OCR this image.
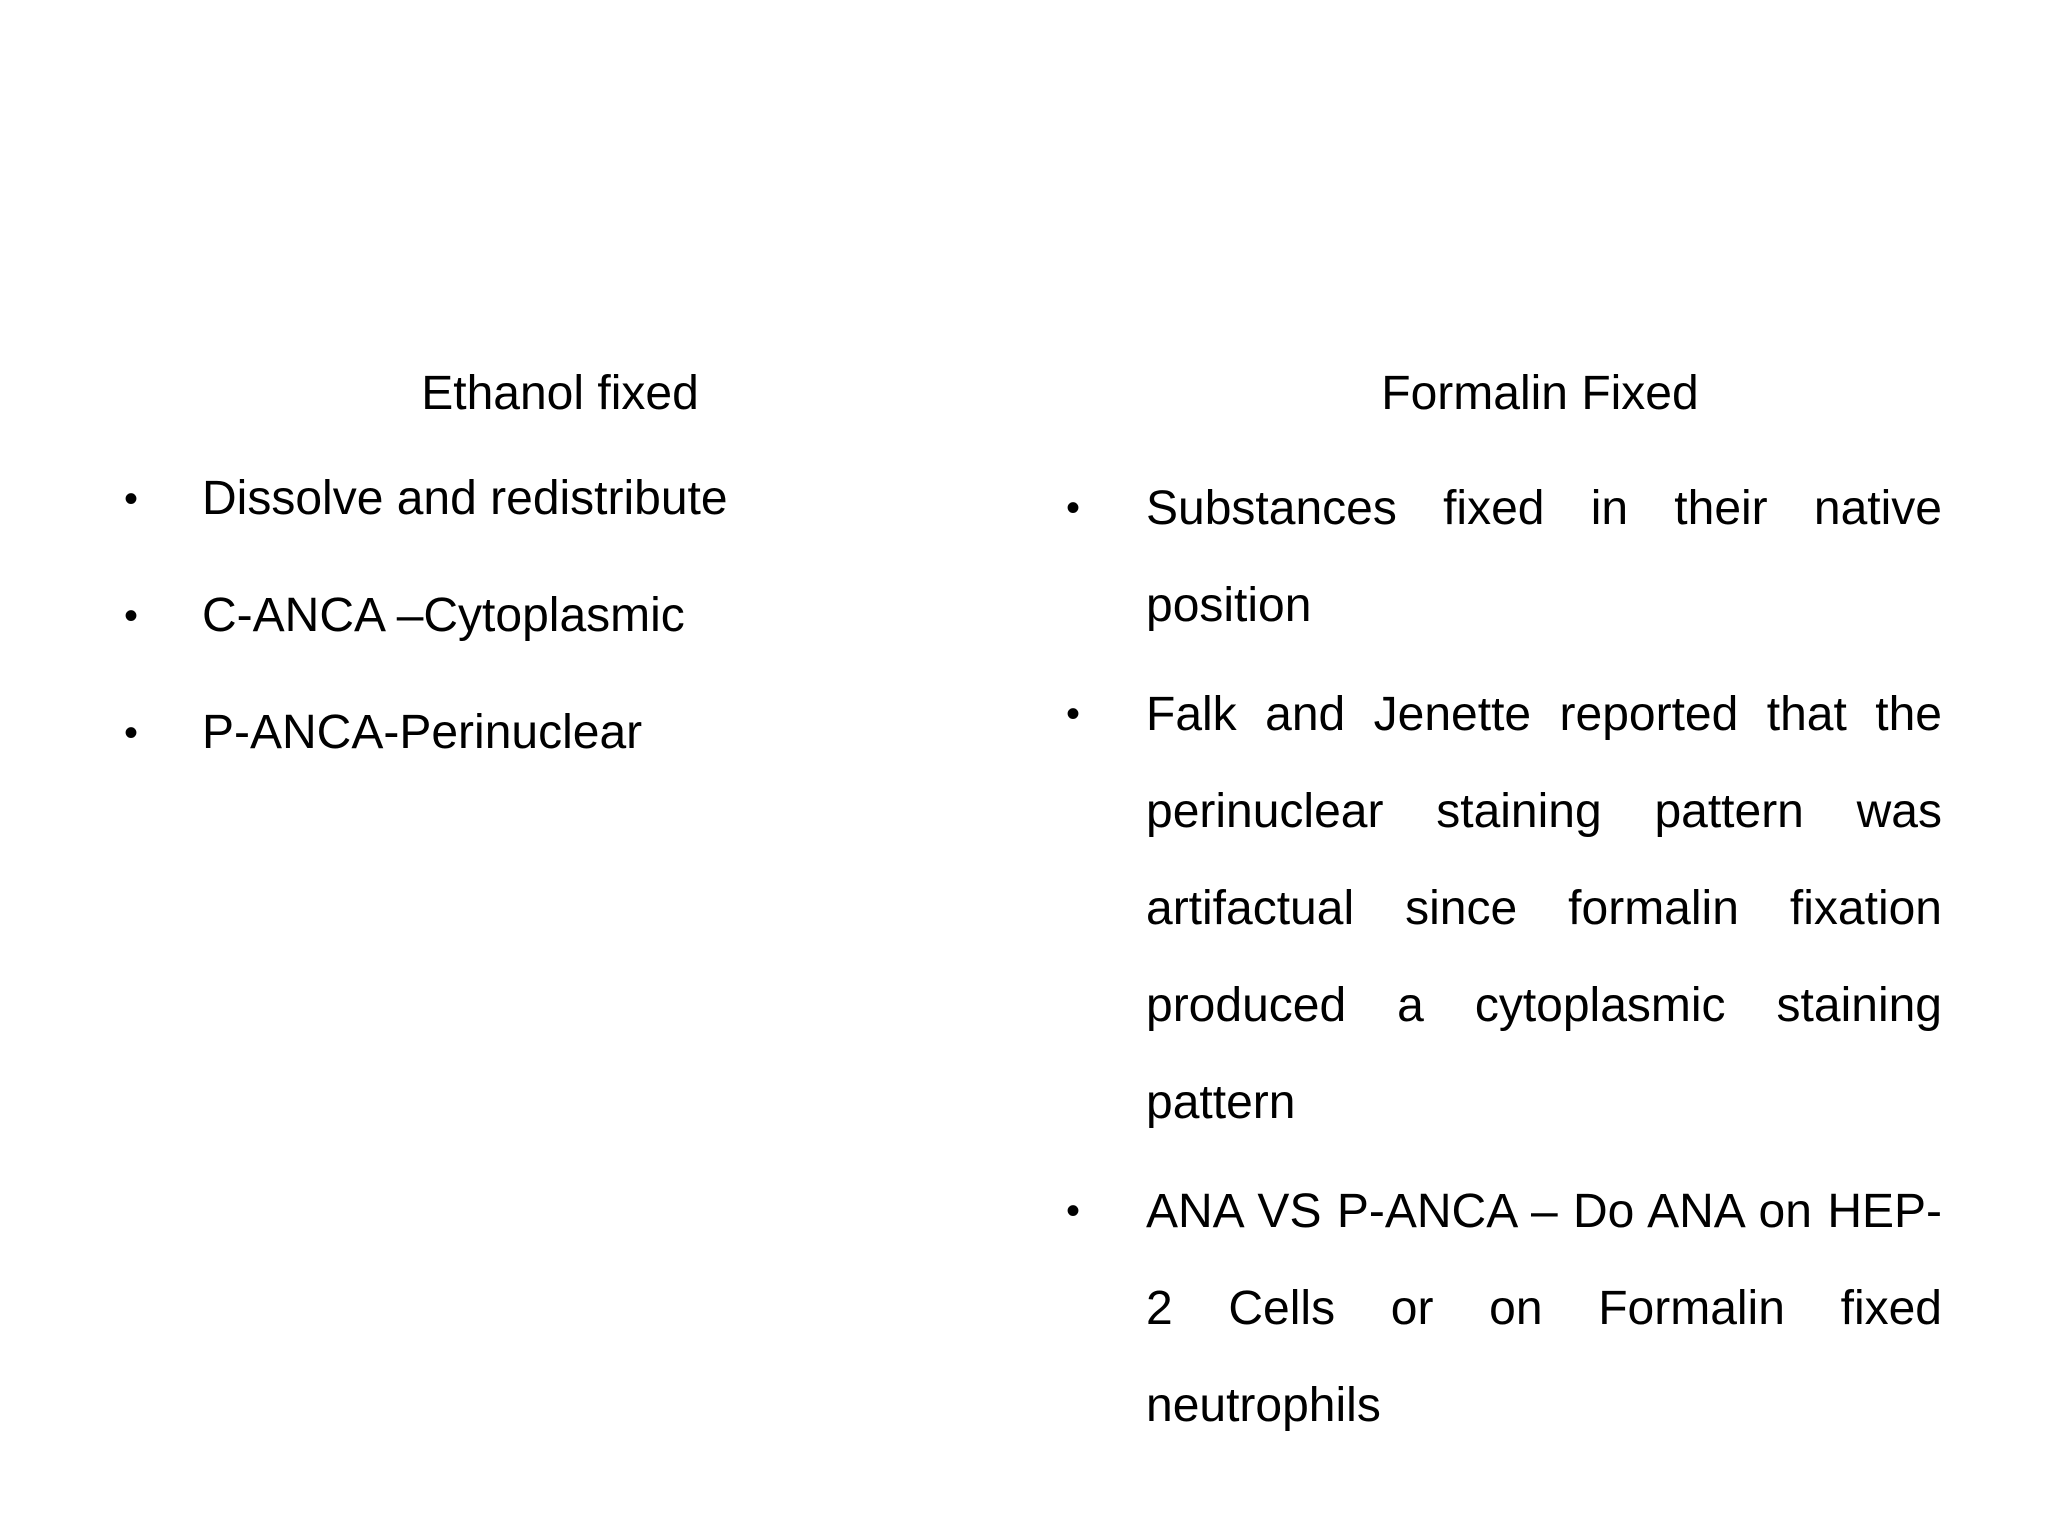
Ethanol fixed
• Dissolve and redistribute
• C-ANCA –Cytoplasmic
• P-ANCA-Perinuclear
Formalin Fixed
• Substances fixed in their native position
• Falk and Jenette reported that the perinuclear staining pattern was artifactual since formalin fixation produced a cytoplasmic staining pattern
• ANA VS P-ANCA – Do ANA on HEP-2 Cells or on Formalin fixed neutrophils
